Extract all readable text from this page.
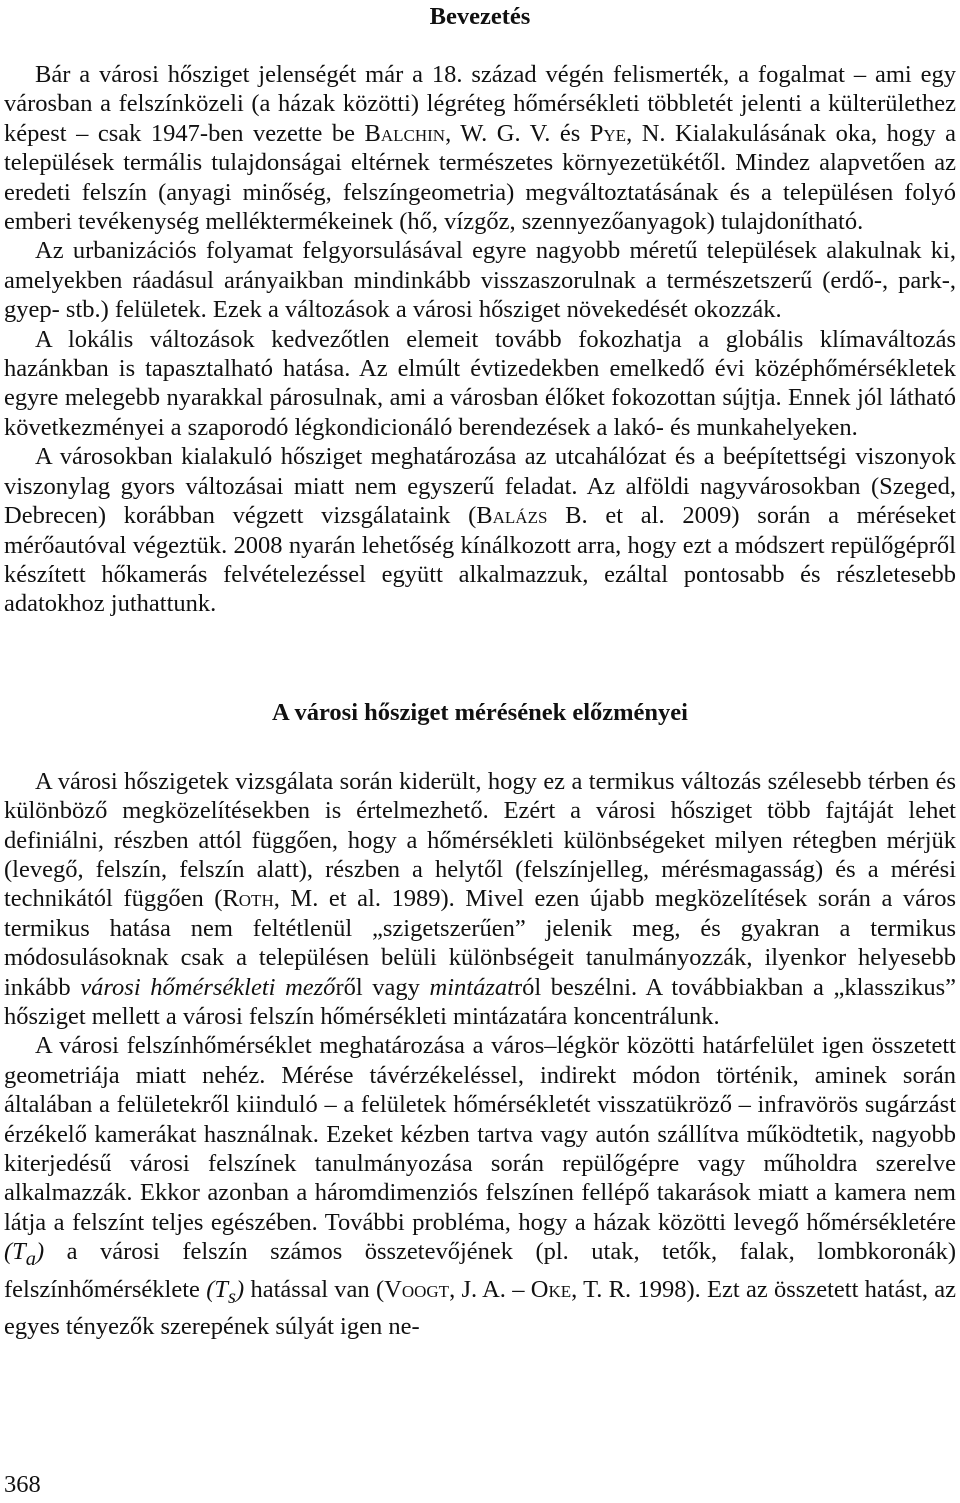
Bevezetés

Bár a városi hősziget jelenségét már a 18. század végén felismerték, a fogalmat – ami egy városban a felszínközeli (a házak közötti) légréteg hőmérsékleti többletét jelenti a külterülethez képest – csak 1947-ben vezette be Balchin, W. G. V. és Pye, N. Kialakulásának oka, hogy a települések termális tulajdonságai eltérnek természetes környezetükétől. Mindez alapvetően az eredeti felszín (anyagi minőség, felszíngeometria) megváltoztatásának és a településen folyó emberi tevékenység melléktermékeinek (hő, vízgőz, szennyezőanyagok) tulajdonítható.

Az urbanizációs folyamat felgyorsulásával egyre nagyobb méretű települések alakulnak ki, amelyekben ráadásul arányaikban mindinkább visszaszorulnak a természetszerű (erdő-, park-, gyep- stb.) felületek. Ezek a változások a városi hősziget növekedését okozzák.

A lokális változások kedvezőtlen elemeit tovább fokozhatja a globális klímaváltozás hazánkban is tapasztalható hatása. Az elmúlt évtizedekben emelkedő évi középhőmérsékletek egyre melegebb nyarakkal párosulnak, ami a városban élőket fokozottan sújtja. Ennek jól látható következményei a szaporodó légkondicionáló berendezések a lakó- és munkahelyeken.

A városokban kialakuló hősziget meghatározása az utcahálózat és a beépítettségi viszonyok viszonylag gyors változásai miatt nem egyszerű feladat. Az alföldi nagyvárosokban (Szeged, Debrecen) korábban végzett vizsgálataink (Balázs B. et al. 2009) során a méréseket mérőautóval végeztük. 2008 nyarán lehetőség kínálkozott arra, hogy ezt a módszert repülőgépről készített hőkamerás felvételezéssel együtt alkalmazzuk, ezáltal pontosabb és részletesebb adatokhoz juthattunk.

A városi hősziget mérésének előzményei

A városi hőszigetek vizsgálata során kiderült, hogy ez a termikus változás szélesebb térben és különböző megközelítésekben is értelmezhető. Ezért a városi hősziget több fajtáját lehet definiálni, részben attól függően, hogy a hőmérsékleti különbségeket milyen rétegben mérjük (levegő, felszín, felszín alatt), részben a helytől (felszínjelleg, mérésmagasság) és a mérési technikától függően (Roth, M. et al. 1989). Mivel ezen újabb megközelítések során a város termikus hatása nem feltétlenül „szigetszerűen” jelenik meg, és gyakran a termikus módosulásoknak csak a településen belüli különbségeit tanulmányozzák, ilyenkor helyesebb inkább városi hőmérsékleti mezőről vagy mintázatról beszélni. A továbbiakban a „klasszikus” hősziget mellett a városi felszín hőmérsékleti mintázatára koncentrálunk.

A városi felszínhőmérséklet meghatározása a város–légkör közötti határfelület igen összetett geometriája miatt nehéz. Mérése távérzékeléssel, indirekt módon történik, aminek során általában a felületekről kiinduló – a felületek hőmérsékletét visszatükröző – infravörös sugárzást érzékelő kamerákat használnak. Ezeket kézben tartva vagy autón szállítva működtetik, nagyobb kiterjedésű városi felszínek tanulmányozása során repülőgépre vagy műholdra szerelve alkalmazzák. Ekkor azonban a háromdimenziós felszínen fellépő takarások miatt a kamera nem látja a felszínt teljes egészében. További probléma, hogy a házak közötti levegő hőmérsékletére $(T_a)$ a városi felszín számos összetevőjének (pl. utak, tetők, falak, lombkoronák) felszínhőmérséklete $(T_s)$ hatással van (Voogt, J. A. – Oke, T. R. 1998). Ezt az összetett hatást, az egyes tényezők szerepének súlyát igen ne-

368
